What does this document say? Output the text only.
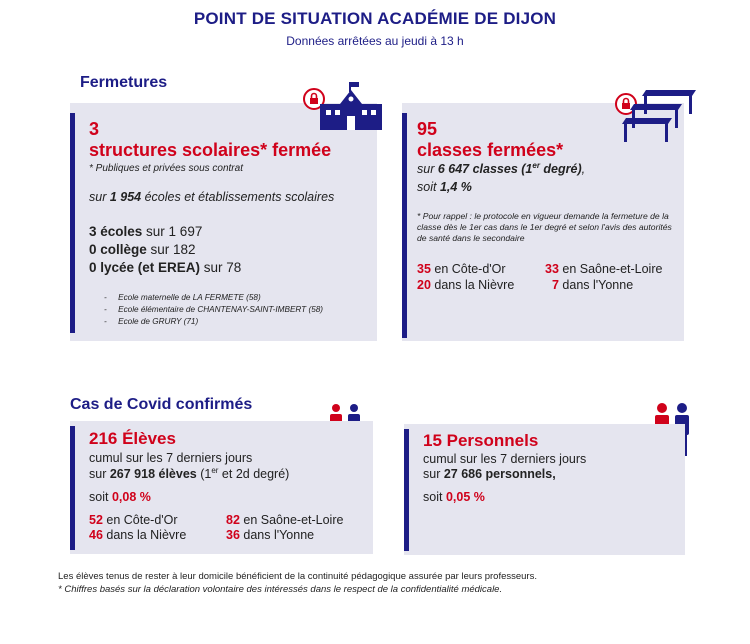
POINT DE SITUATION ACADÉMIE DE DIJON
Données arrêtées au jeudi à 13 h
Fermetures
3
structures scolaires* fermée
* Publiques et privées sous contrat
sur 1 954 écoles et établissements scolaires
3 écoles sur 1 697
0 collège sur 182
0 lycée (et EREA) sur 78
- Ecole maternelle de LA FERMETE (58)
- Ecole élémentaire de CHANTENAY-SAINT-IMBERT (58)
- Ecole de GRURY (71)
95
classes fermées*
sur 6 647 classes (1er degré),
soit 1,4 %
* Pour rappel : le protocole en vigueur demande la fermeture de la classe dès le 1er cas dans le 1er degré et selon l'avis des autorités de santé dans le secondaire
35 en Côte-d'Or	33 en Saône-et-Loire
20 dans la Nièvre	7 dans l'Yonne
Cas de Covid confirmés
216 Élèves
cumul sur les 7 derniers jours
sur 267 918 élèves (1er et 2d degré)
soit 0,08 %
52 en Côte-d'Or	82 en Saône-et-Loire
46 dans la Nièvre	36 dans l'Yonne
15 Personnels
cumul sur les 7 derniers jours
sur 27 686 personnels,
soit 0,05 %
Les élèves tenus de rester à leur domicile bénéficient de la continuité pédagogique assurée par leurs professeurs.
* Chiffres basés sur la déclaration volontaire des intéressés dans le respect de la confidentialité médicale.
